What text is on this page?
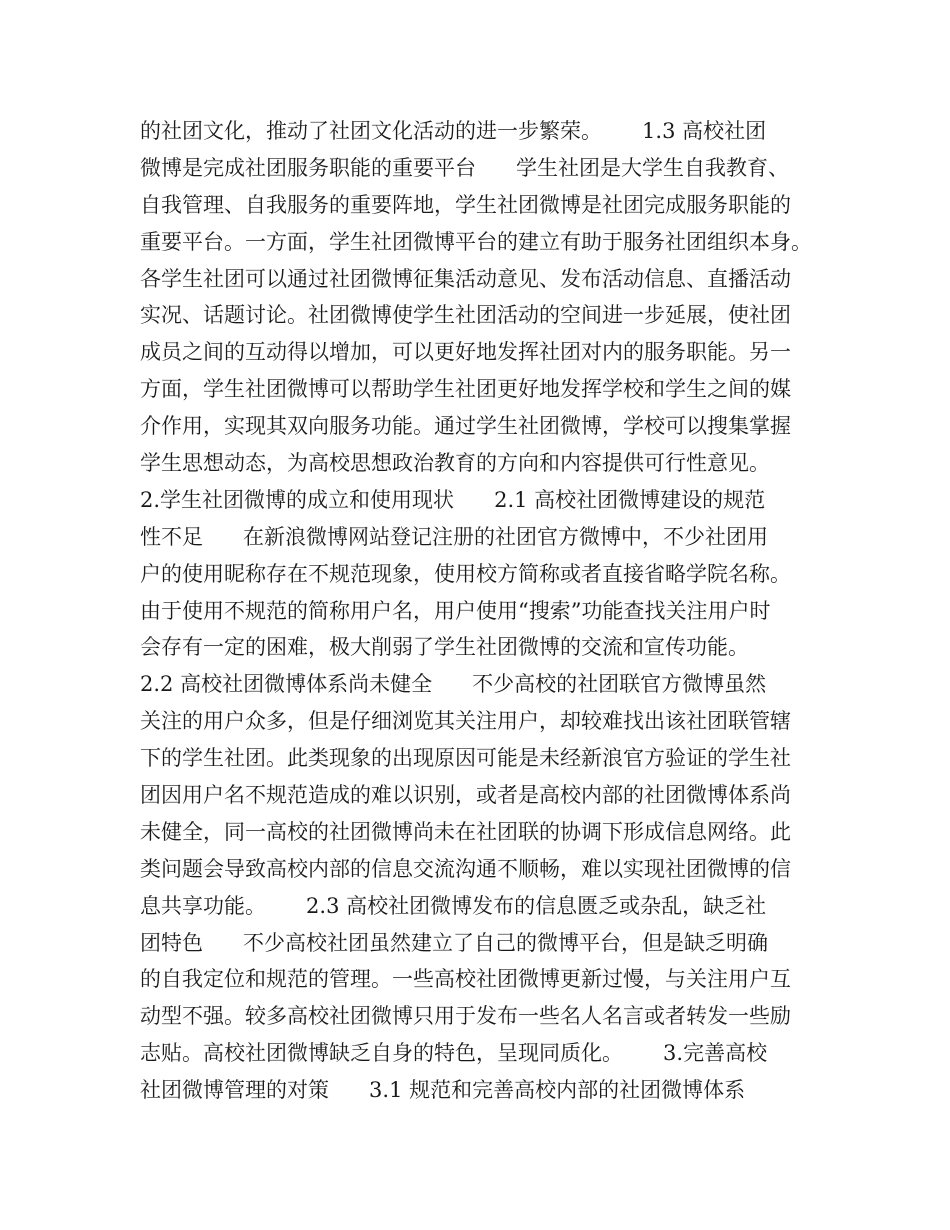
的社团文化，推动了社团文化活动的进一步繁荣。      1.3 高校社团
微博是完成社团服务职能的重要平台      学生社团是大学生自我教育、
自我管理、自我服务的重要阵地，学生社团微博是社团完成服务职能的
重要平台。一方面，学生社团微博平台的建立有助于服务社团组织本身。
各学生社团可以通过社团微博征集活动意见、发布活动信息、直播活动
实况、话题讨论。社团微博使学生社团活动的空间进一步延展，使社团
成员之间的互动得以增加，可以更好地发挥社团对内的服务职能。另一
方面，学生社团微博可以帮助学生社团更好地发挥学校和学生之间的媒
介作用，实现其双向服务功能。通过学生社团微博，学校可以搜集掌握
学生思想动态，为高校思想政治教育的方向和内容提供可行性意见。
2.学生社团微博的成立和使用现状      2.1 高校社团微博建设的规范
性不足      在新浪微博网站登记注册的社团官方微博中，不少社团用
户的使用昵称存在不规范现象，使用校方简称或者直接省略学院名称。
由于使用不规范的简称用户名，用户使用“搜索”功能查找关注用户时
会存有一定的困难，极大削弱了学生社团微博的交流和宣传功能。
2.2 高校社团微博体系尚未健全      不少高校的社团联官方微博虽然
关注的用户众多，但是仔细浏览其关注用户，却较难找出该社团联管辖
下的学生社团。此类现象的出现原因可能是未经新浪官方验证的学生社
团因用户名不规范造成的难以识别，或者是高校内部的社团微博体系尚
未健全，同一高校的社团微博尚未在社团联的协调下形成信息网络。此
类问题会导致高校内部的信息交流沟通不顺畅，难以实现社团微博的信
息共享功能。      2.3 高校社团微博发布的信息匮乏或杂乱，缺乏社
团特色      不少高校社团虽然建立了自己的微博平台，但是缺乏明确
的自我定位和规范的管理。一些高校社团微博更新过慢，与关注用户互
动型不强。较多高校社团微博只用于发布一些名人名言或者转发一些励
志贴。高校社团微博缺乏自身的特色，呈现同质化。      3.完善高校
社团微博管理的对策      3.1 规范和完善高校内部的社团微博体系
